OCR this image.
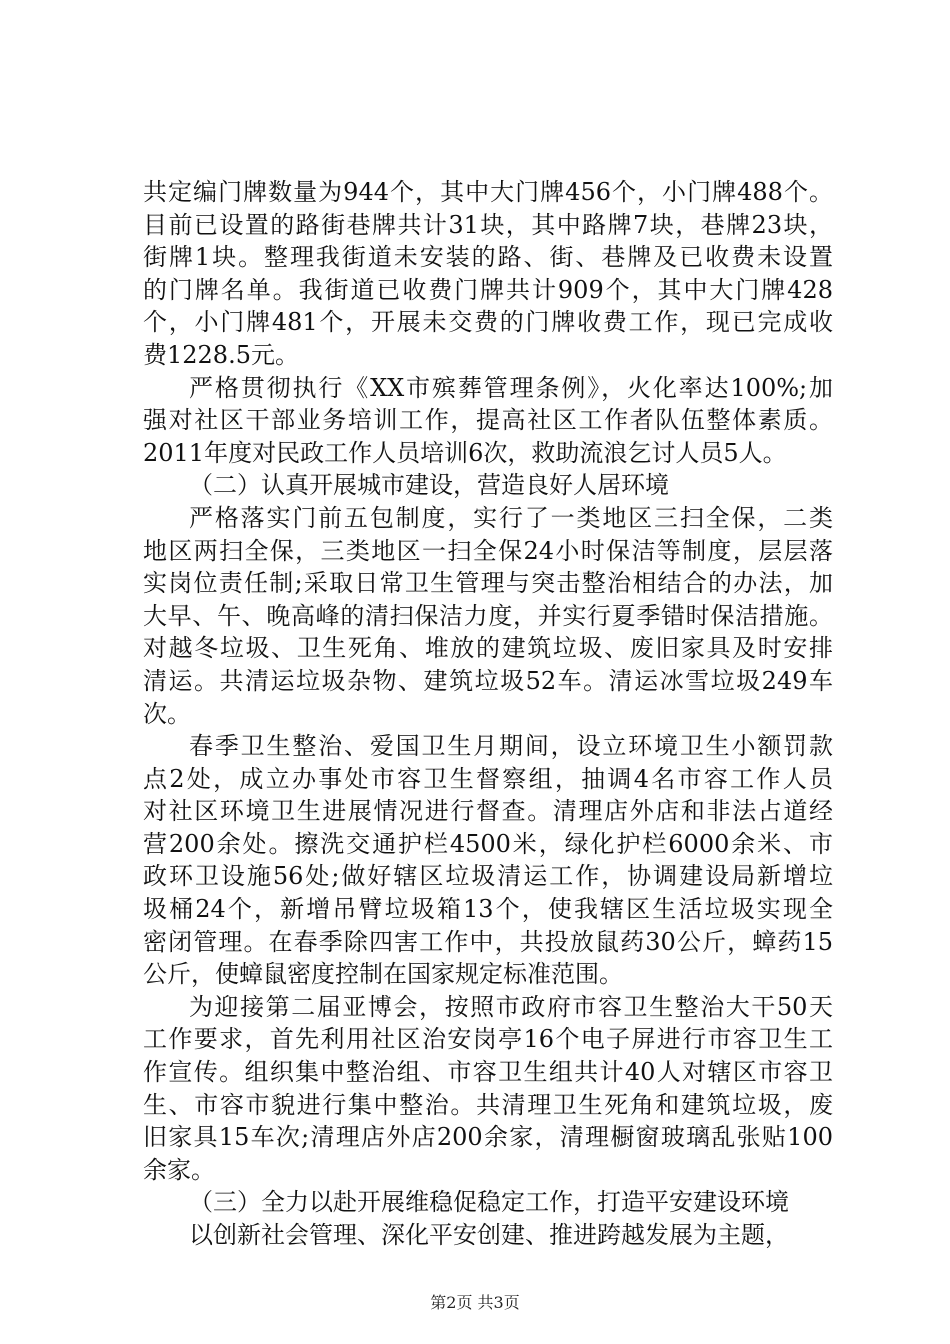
共定编门牌数量为944个，其中大门牌456个，小门牌488个。
目前已设置的路街巷牌共计31块，其中路牌7块，巷牌23块，
街牌1块。整理我街道未安装的路、街、巷牌及已收费未设置
的门牌名单。我街道已收费门牌共计909个，其中大门牌428
个，小门牌481个，开展未交费的门牌收费工作，现已完成收
费1228.5元。
严格贯彻执行《XX市殡葬管理条例》，火化率达100%;加
强对社区干部业务培训工作，提高社区工作者队伍整体素质。
2011年度对民政工作人员培训6次，救助流浪乞讨人员5人。
（二）认真开展城市建设，营造良好人居环境
严格落实门前五包制度，实行了一类地区三扫全保，二类
地区两扫全保，三类地区一扫全保24小时保洁等制度，层层落
实岗位责任制;采取日常卫生管理与突击整治相结合的办法，加
大早、午、晚高峰的清扫保洁力度，并实行夏季错时保洁措施。
对越冬垃圾、卫生死角、堆放的建筑垃圾、废旧家具及时安排
清运。共清运垃圾杂物、建筑垃圾52车。清运冰雪垃圾249车
次。
春季卫生整治、爱国卫生月期间，设立环境卫生小额罚款
点2处，成立办事处市容卫生督察组，抽调4名市容工作人员
对社区环境卫生进展情况进行督查。清理店外店和非法占道经
营200余处。擦洗交通护栏4500米，绿化护栏6000余米、市
政环卫设施56处;做好辖区垃圾清运工作，协调建设局新增垃
圾桶24个，新增吊臂垃圾箱13个，使我辖区生活垃圾实现全
密闭管理。在春季除四害工作中，共投放鼠药30公斤，蟑药15
公斤，使蟑鼠密度控制在国家规定标准范围。
为迎接第二届亚博会，按照市政府市容卫生整治大干50天
工作要求，首先利用社区治安岗亭16个电子屏进行市容卫生工
作宣传。组织集中整治组、市容卫生组共计40人对辖区市容卫
生、市容市貌进行集中整治。共清理卫生死角和建筑垃圾，废
旧家具15车次;清理店外店200余家，清理橱窗玻璃乱张贴100
余家。
（三）全力以赴开展维稳促稳定工作，打造平安建设环境
以创新社会管理、深化平安创建、推进跨越发展为主题，
第2页 共3页
